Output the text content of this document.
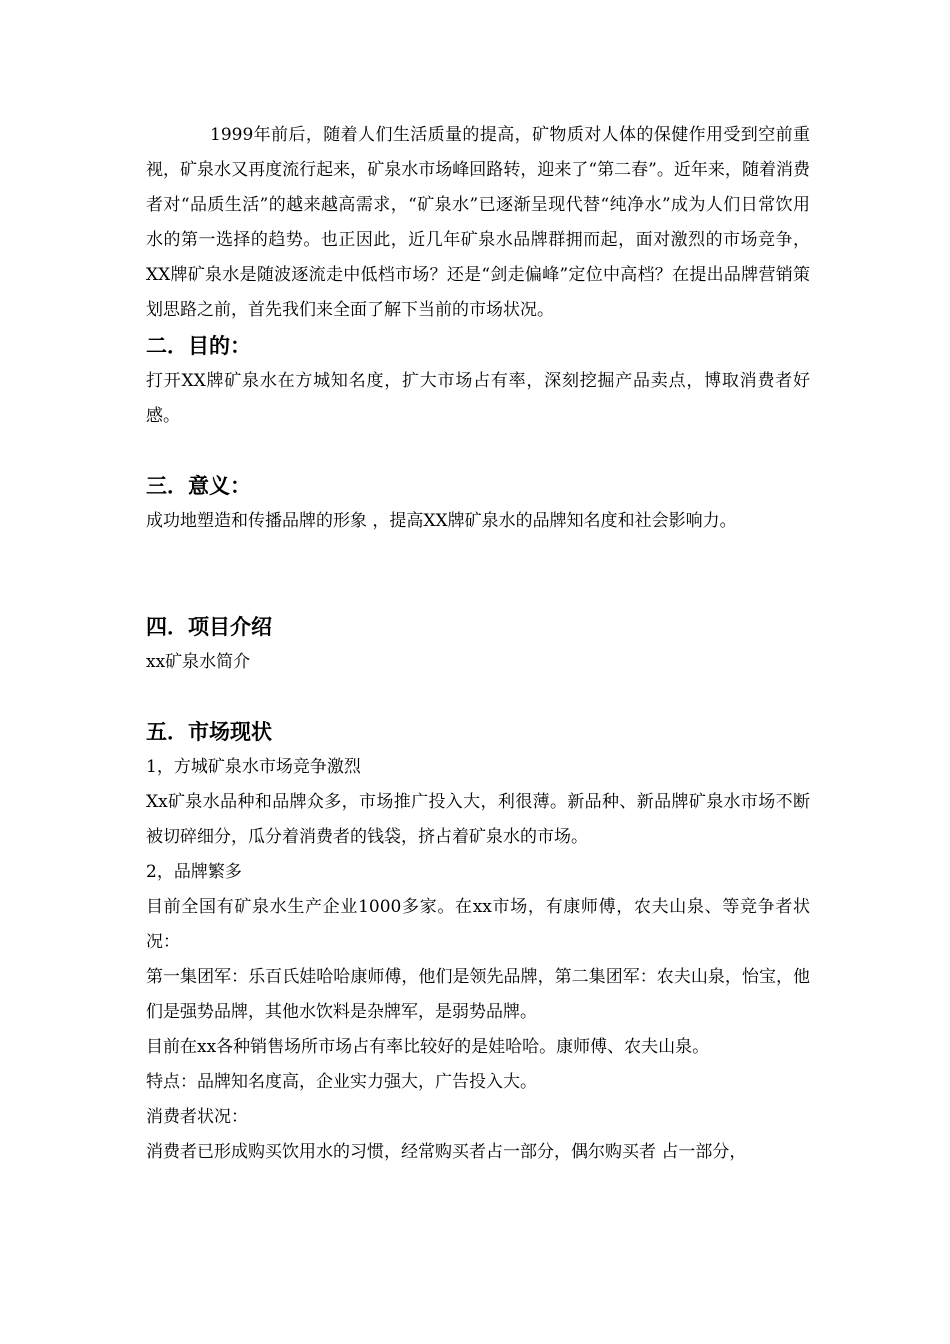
1999年前后，随着人们生活质量的提高，矿物质对人体的保健作用受到空前重视，矿泉水又再度流行起来，矿泉水市场峰回路转，迎来了“第二春”。近年来，随着消费者对“品质生活”的越来越高需求，“矿泉水”已逐渐呈现代替“纯净水”成为人们日常饮用水的第一选择的趋势。也正因此，近几年矿泉水品牌群拥而起，面对激烈的市场竞争，XX牌矿泉水是随波逐流走中低档市场？还是“剑走偏峰”定位中高档？在提出品牌营销策划思路之前，首先我们来全面了解下当前的市场状况。

二．目的：

打开XX牌矿泉水在方城知名度，扩大市场占有率，深刻挖掘产品卖点，博取消费者好感。

三．意义：

成功地塑造和传播品牌的形象 ，提高XX牌矿泉水的品牌知名度和社会影响力。

四．项目介绍

xx矿泉水简介

五．市场现状

1，方城矿泉水市场竞争激烈

Xx矿泉水品种和品牌众多，市场推广投入大，利很薄。新品种、新品牌矿泉水市场不断被切碎细分，瓜分着消费者的钱袋，挤占着矿泉水的市场。

2，品牌繁多

目前全国有矿泉水生产企业1000多家。在xx市场，有康师傅，农夫山泉、等竞争者状况：

第一集团军：乐百氏娃哈哈康师傅，他们是领先品牌，第二集团军：农夫山泉，怡宝，他们是强势品牌，其他水饮料是杂牌军，是弱势品牌。

目前在xx各种销售场所市场占有率比较好的是娃哈哈。康师傅、农夫山泉。

特点：品牌知名度高，企业实力强大，广告投入大。

消费者状况：

消费者已形成购买饮用水的习惯，经常购买者占一部分，偶尔购买者 占一部分，
